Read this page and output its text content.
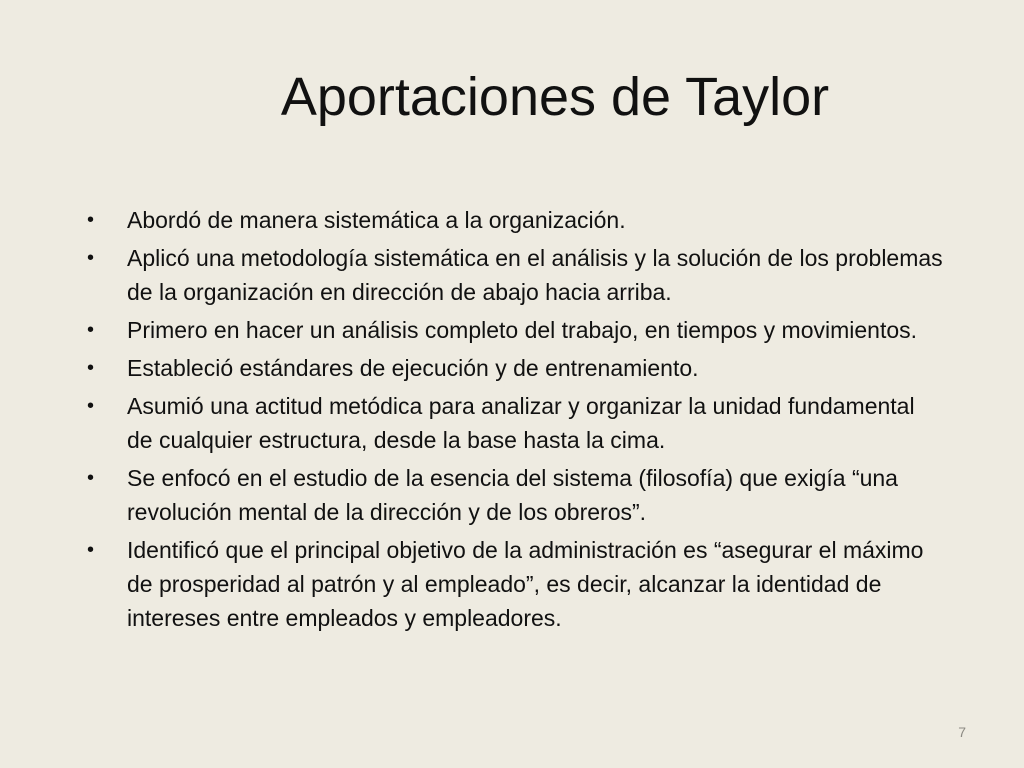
Aportaciones de Taylor
• Abordó de manera sistemática a la organización.
• Aplicó una metodología sistemática en el análisis y la solución de los problemas de la organización en dirección de abajo hacia arriba.
• Primero en hacer un análisis completo del trabajo, en tiempos y movimientos.
• Estableció estándares de ejecución y de entrenamiento.
• Asumió una actitud metódica para analizar y organizar la unidad fundamental de cualquier estructura, desde la base hasta la cima.
• Se enfocó en el estudio de la esencia del sistema (filosofía) que exigía “una revolución mental de la dirección y de los obreros”.
• Identificó que el principal objetivo de la administración es “asegurar el máximo de prosperidad al patrón y al empleado”, es decir, alcanzar la identidad de intereses entre empleados y empleadores.
7
